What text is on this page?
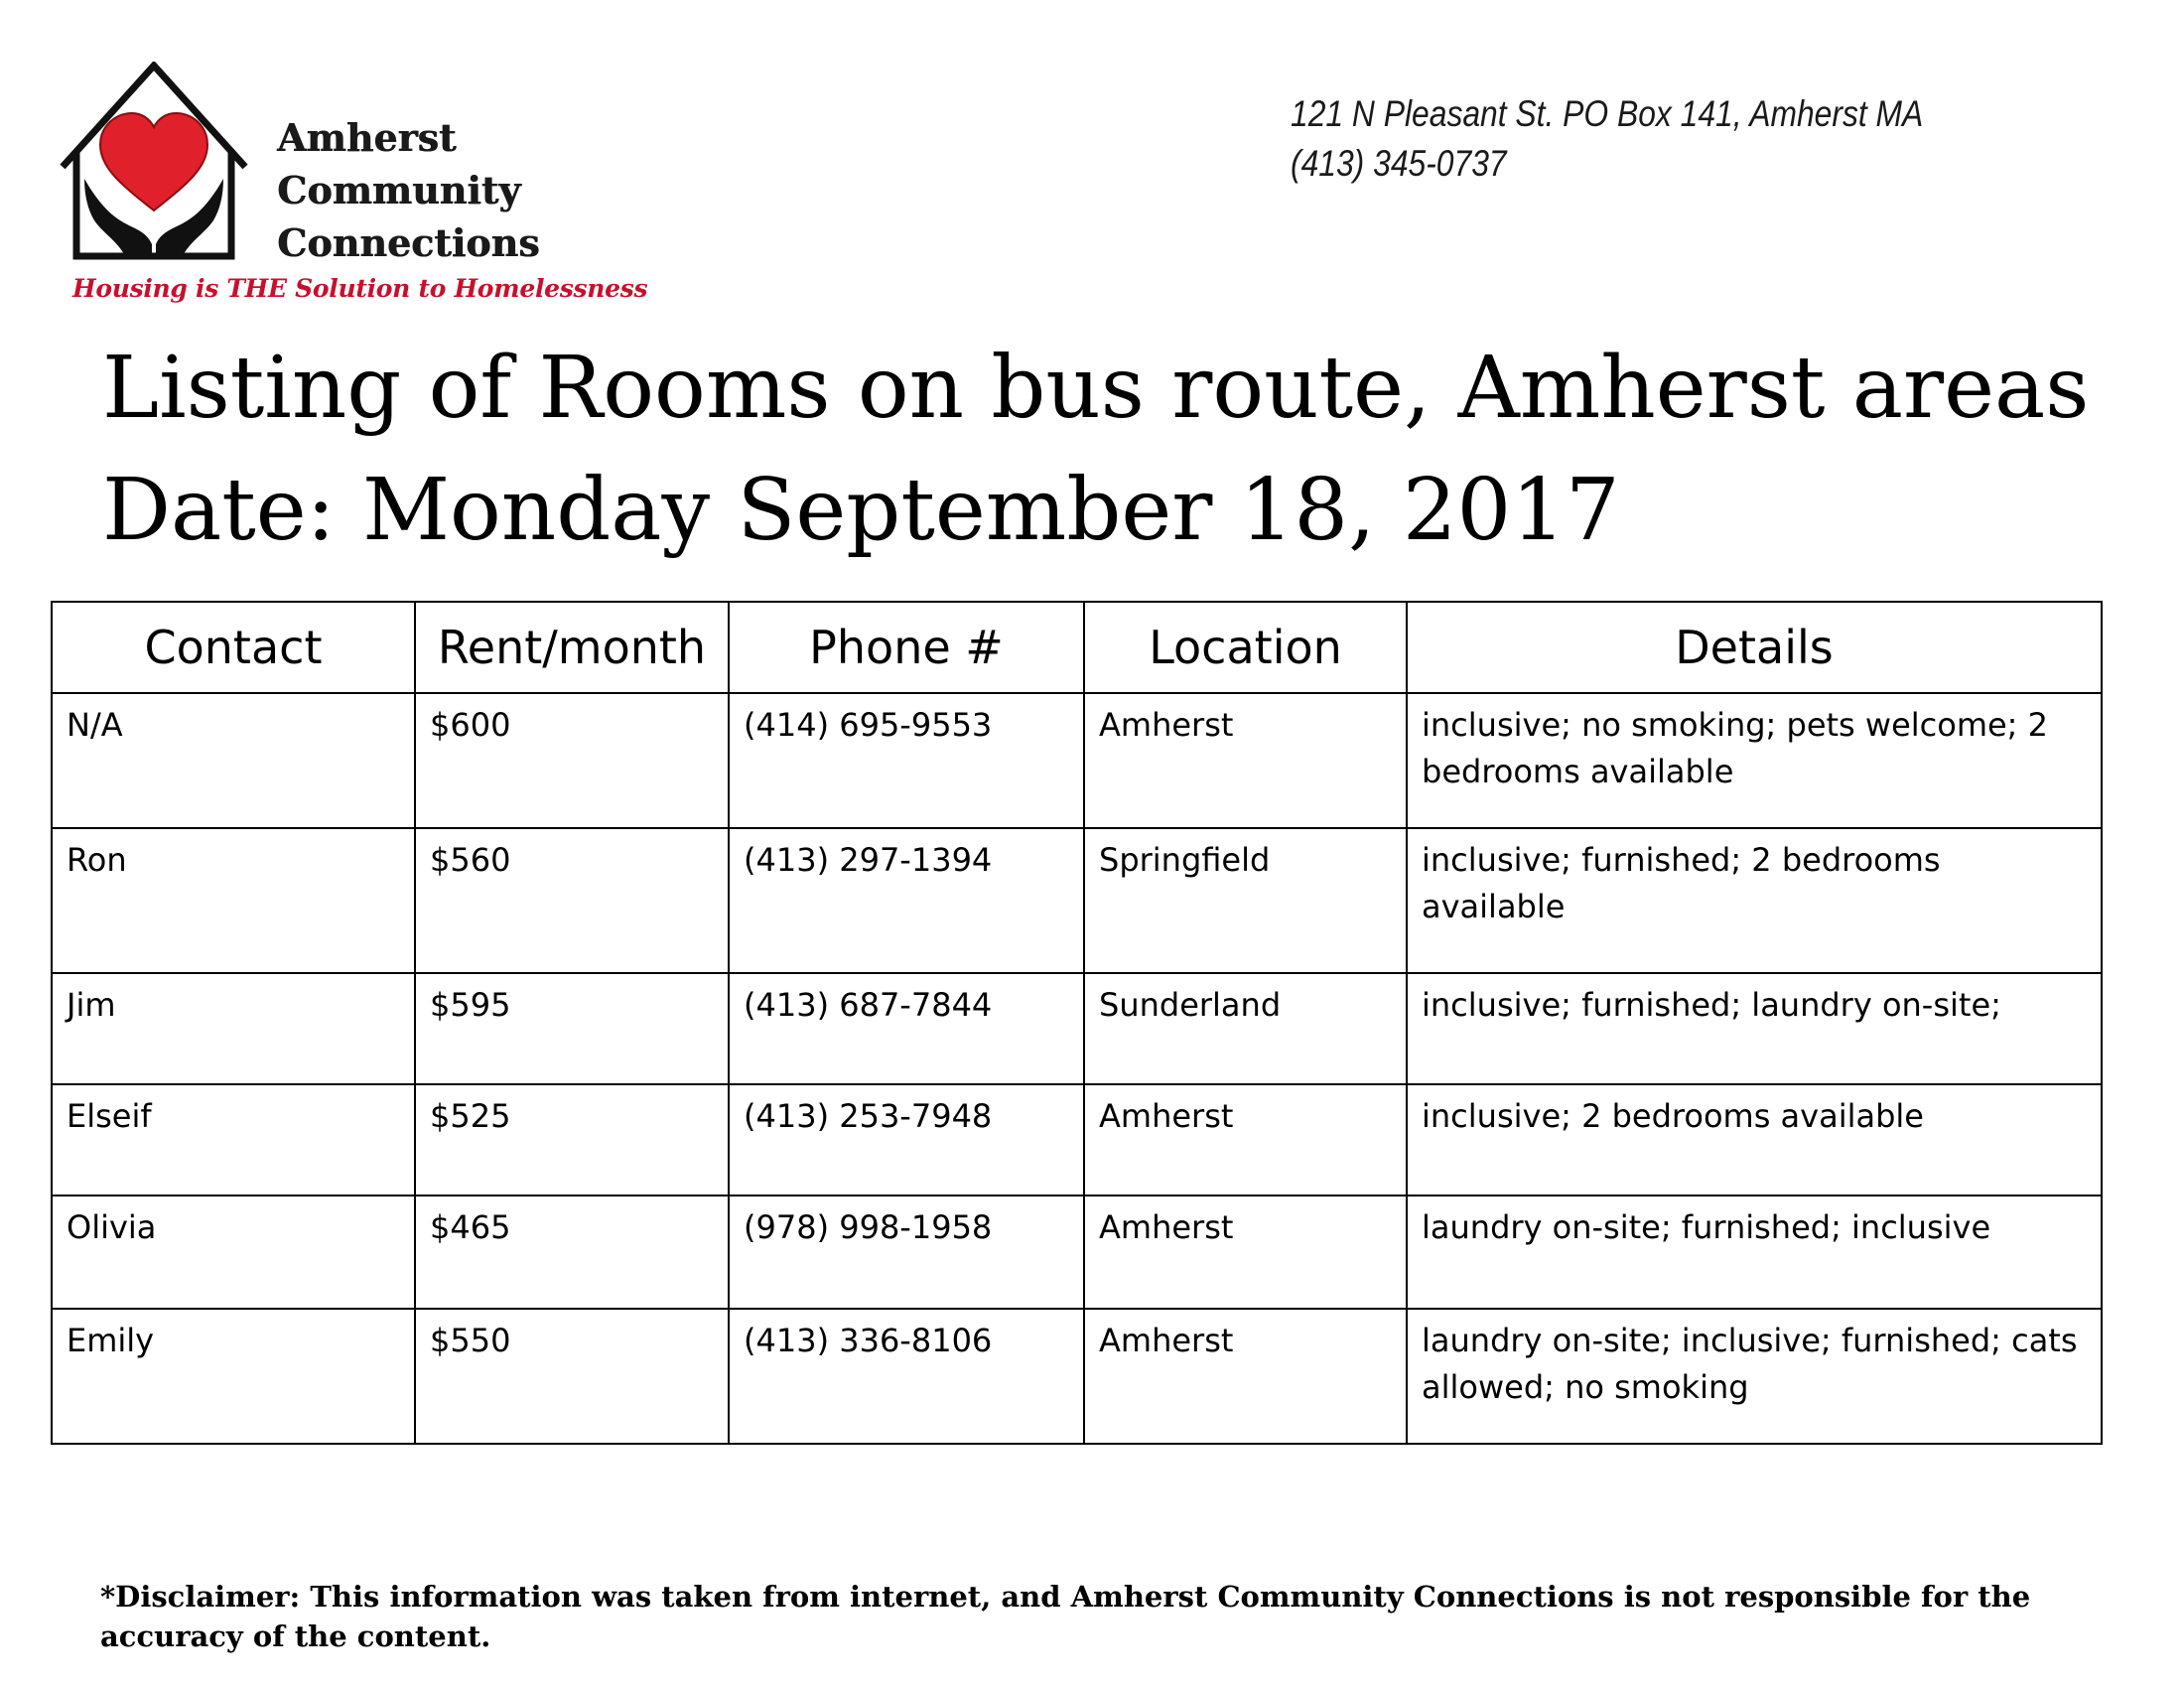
Amherst
Community
Connections
Housing is THE Solution to Homelessness
121 N Pleasant St. PO Box 141, Amherst MA
(413) 345-0737
Listing of Rooms on bus route, Amherst areas
Date: Monday September 18, 2017
Contact	Rent/month	Phone #	Location	Details
N/A	$600	(414) 695-9553	Amherst	inclusive; no smoking; pets welcome; 2 bedrooms available
Ron	$560	(413) 297-1394	Springfield	inclusive; furnished; 2 bedrooms available
Jim	$595	(413) 687-7844	Sunderland	inclusive; furnished; laundry on-site;
Elseif	$525	(413) 253-7948	Amherst	inclusive; 2 bedrooms available
Olivia	$465	(978) 998-1958	Amherst	laundry on-site; furnished; inclusive
Emily	$550	(413) 336-8106	Amherst	laundry on-site; inclusive; furnished; cats allowed; no smoking
*Disclaimer: This information was taken from internet, and Amherst Community Connections is not responsible for the accuracy of the content.
